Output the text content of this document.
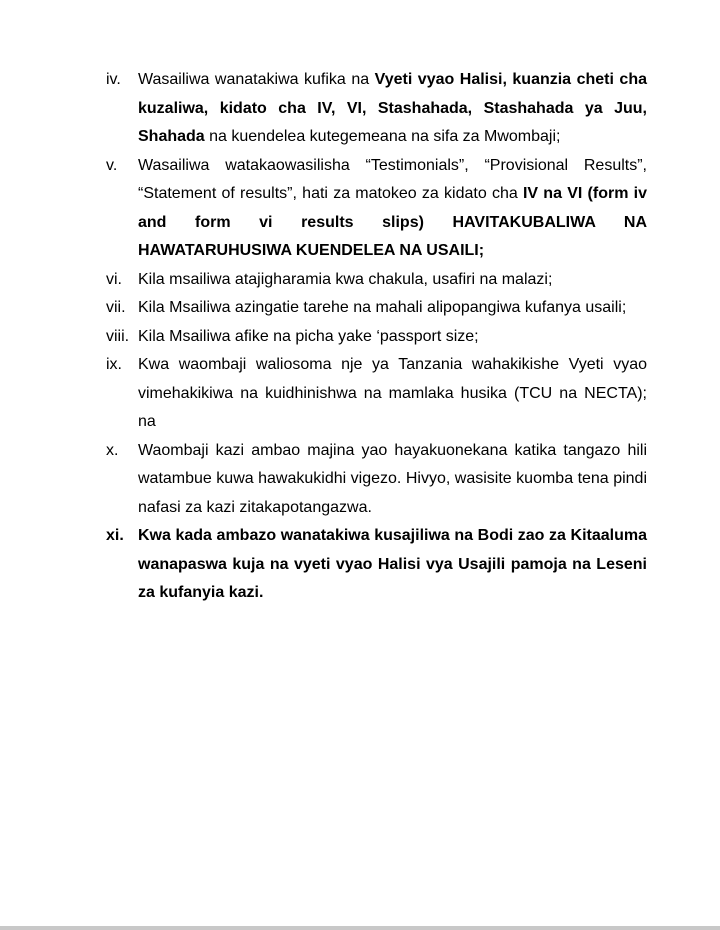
iv.	Wasailiwa wanatakiwa kufika na Vyeti vyao Halisi, kuanzia cheti cha kuzaliwa, kidato cha IV, VI, Stashahada, Stashahada ya Juu, Shahada na kuendelea kutegemeana na sifa za Mwombaji;
v.	Wasailiwa watakaowasilisha “Testimonials”, “Provisional Results”, “Statement of results”, hati za matokeo za kidato cha IV na VI (form iv and form vi results slips) HAVITAKUBALIWA NA HAWATARUHUSIWA KUENDELEA NA USAILI;
vi.	Kila msailiwa atajigharamia kwa chakula, usafiri na malazi;
vii. Kila Msailiwa azingatie tarehe na mahali alipopangiwa kufanya usaili;
viii. Kila Msailiwa afike na picha yake ‘passport size;
ix.	Kwa waombaji waliosoma nje ya Tanzania wahakikishe Vyeti vyao vimehakikiwa na kuidhinishwa na mamlaka husika (TCU na NECTA); na
x.	Waombaji kazi ambao majina yao hayakuonekana katika tangazo hili watambue kuwa hawakukidhi vigezo. Hivyo, wasisite kuomba tena pindi nafasi za kazi zitakapotangazwa.
xi. Kwa kada ambazo wanatakiwa kusajiliwa na Bodi zao za Kitaaluma wanapaswa kuja na vyeti vyao Halisi vya Usajili pamoja na Leseni za kufanyia kazi.
